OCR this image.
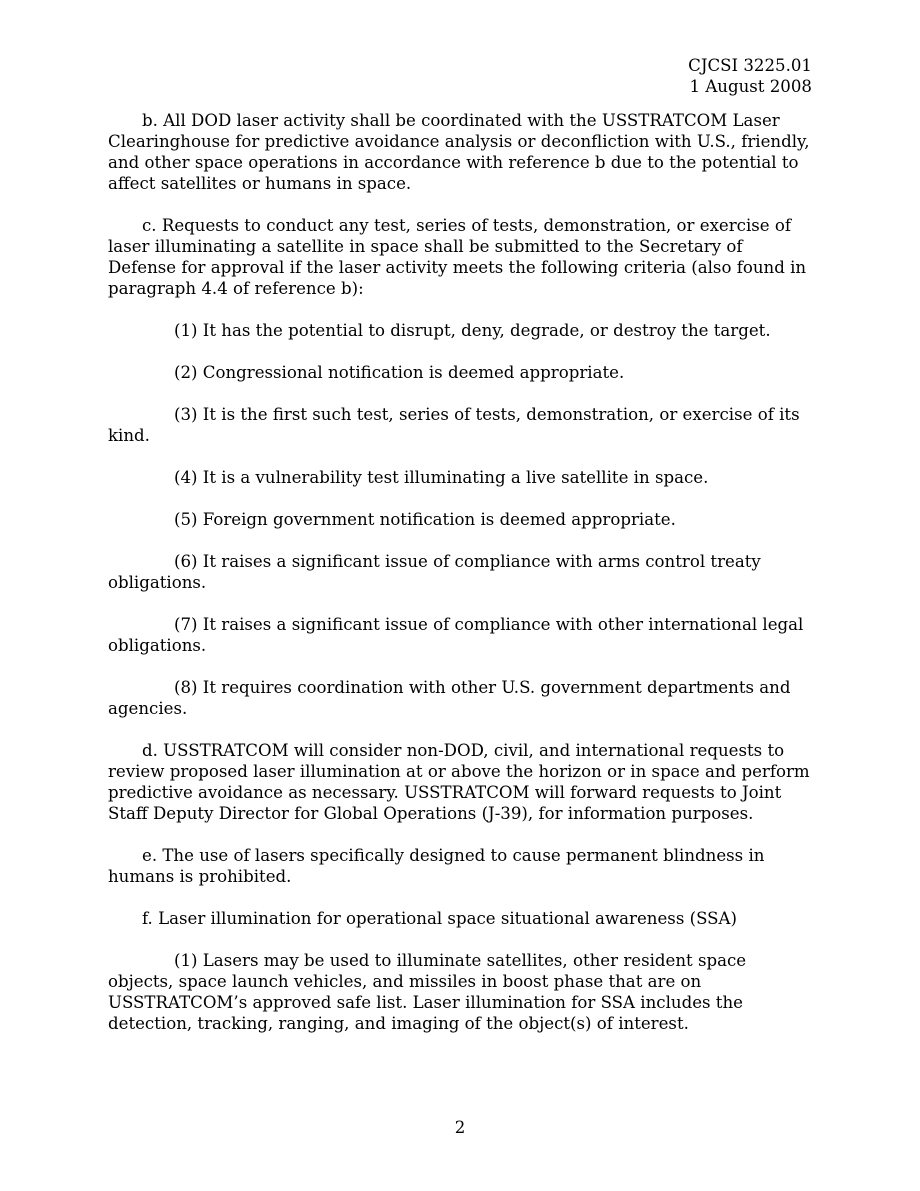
CJCSI 3225.01
1 August 2008

b. All DOD laser activity shall be coordinated with the USSTRATCOM Laser Clearinghouse for predictive avoidance analysis or deconfliction with U.S., friendly, and other space operations in accordance with reference b due to the potential to affect satellites or humans in space.

c. Requests to conduct any test, series of tests, demonstration, or exercise of laser illuminating a satellite in space shall be submitted to the Secretary of Defense for approval if the laser activity meets the following criteria (also found in paragraph 4.4 of reference b):

(1) It has the potential to disrupt, deny, degrade, or destroy the target.

(2) Congressional notification is deemed appropriate.

(3) It is the first such test, series of tests, demonstration, or exercise of its kind.

(4) It is a vulnerability test illuminating a live satellite in space.

(5) Foreign government notification is deemed appropriate.

(6) It raises a significant issue of compliance with arms control treaty obligations.

(7) It raises a significant issue of compliance with other international legal obligations.

(8) It requires coordination with other U.S. government departments and agencies.

d. USSTRATCOM will consider non-DOD, civil, and international requests to review proposed laser illumination at or above the horizon or in space and perform predictive avoidance as necessary. USSTRATCOM will forward requests to Joint Staff Deputy Director for Global Operations (J-39), for information purposes.

e. The use of lasers specifically designed to cause permanent blindness in humans is prohibited.

f. Laser illumination for operational space situational awareness (SSA)

(1) Lasers may be used to illuminate satellites, other resident space objects, space launch vehicles, and missiles in boost phase that are on USSTRATCOM’s approved safe list. Laser illumination for SSA includes the detection, tracking, ranging, and imaging of the object(s) of interest.

2
